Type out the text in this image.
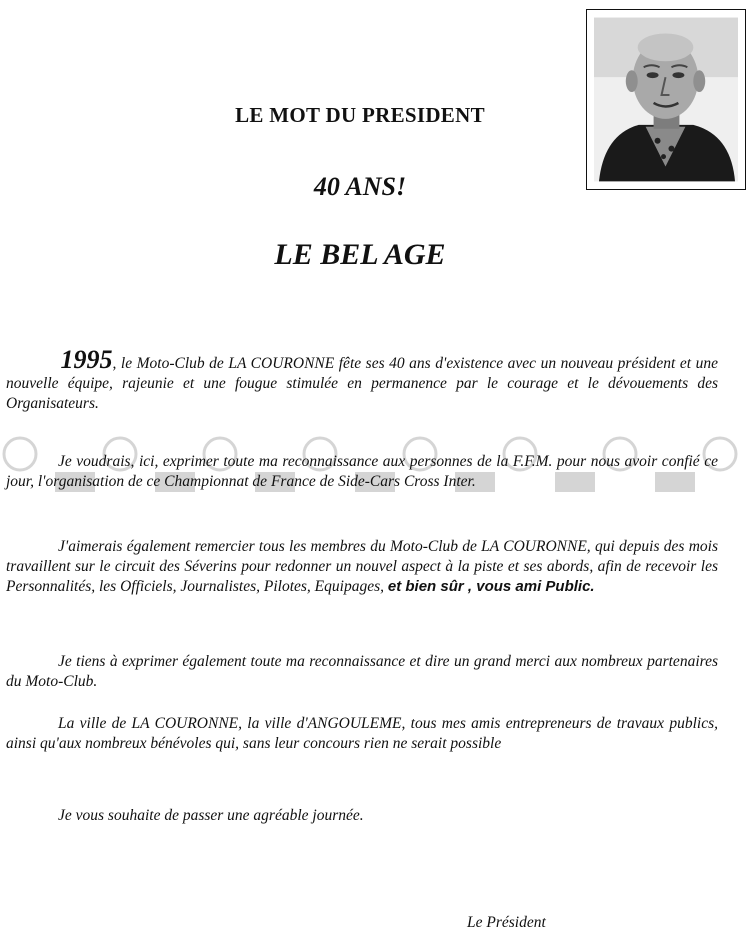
LE MOT DU PRESIDENT
40 ANS!
LE BEL AGE

1995, le Moto-Club de LA COURONNE fête ses 40 ans d'existence avec un nouveau président et une nouvelle équipe, rajeunie et une fougue stimulée en permanence par le courage et le dévouements des Organisateurs.

Je voudrais, ici, exprimer toute ma reconnaissance aux personnes de la F.F.M. pour nous avoir confié ce jour, l'organisation de ce Championnat de France de Side-Cars Cross Inter.

J'aimerais également remercier tous les membres du Moto-Club de LA COURONNE, qui depuis des mois travaillent sur le circuit des Séverins pour redonner un nouvel aspect à la piste et ses abords, afin de recevoir les Personnalités, les Officiels, Journalistes, Pilotes, Equipages, et bien sûr , vous ami Public.

Je tiens à exprimer également toute ma reconnaissance et dire un grand merci aux nombreux partenaires du Moto-Club.

La ville de LA COURONNE, la ville d'ANGOULEME, tous mes amis entrepreneurs de travaux publics, ainsi qu'aux nombreux bénévoles qui, sans leur concours rien ne serait possible

Je vous souhaite de passer une agréable journée.

Le Président
